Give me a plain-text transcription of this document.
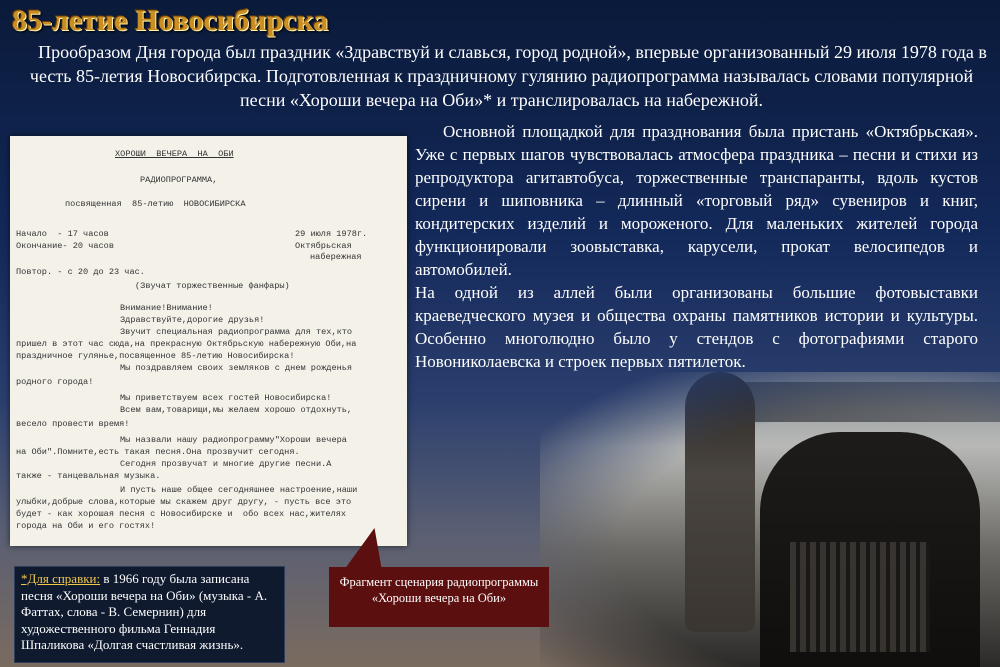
85-летие Новосибирска

Прообразом Дня города был праздник «Здравствуй и славься, город родной», впервые организованный 29 июля 1978 года в честь 85-летия Новосибирска. Подготовленная к праздничному гулянию радиопрограмма называлась словами популярной песни «Хороши вечера на Оби»* и транслировалась на набережной.

ХОРОШИ  ВЕЧЕРА  НА  ОБИ
РАДИОПРОГРАММА,
посвященная  85-летию  НОВОСИБИРСКА
Начало  - 17 часов	29 июля 1978г.
Окончание- 20 часов	Октябрьская
набережная
Повтор. - с 20 до 23 час.
(Звучат торжественные фанфары)
Внимание!Внимание!
Здравствуйте,дорогие друзья!
Звучит специальная радиопрограмма для тех,кто
пришел в этот час сюда,на прекрасную Октябрьскую набережную Оби,на
праздничное гулянье,посвященное 85-летию Новосибирска!
Мы поздравляем своих земляков с днем рожденья
родного города!
Мы приветствуем всех гостей Новосибирска!
Всем вам,товарищи,мы желаем хорошо отдохнуть,
весело провести время!
Мы назвали нашу радиопрограмму"Хороши вечера
на Оби".Помните,есть такая песня.Она прозвучит сегодня.
Сегодня прозвучат и многие другие песни.А
также - танцевальная музыка.
И пусть наше общее сегодняшнее настроение,наши
улыбки,добрые слова,которые мы скажем друг другу, - пусть все это
будет - как хорошая песня с Новосибирске и  обо всех нас,жителях
города на Оби и его гостях!

Основной площадкой для празднования была пристань «Октябрьская». Уже с первых шагов чувствовалась атмосфера праздника – песни и стихи из репродуктора агитавтобуса, торжественные транспаранты, вдоль кустов сирени и шиповника – длинный «торговый ряд» сувениров и книг, кондитерских изделий и мороженого. Для маленьких жителей города функционировали зоовыставка, карусели, прокат велосипедов и автомобилей.

На одной из аллей были организованы большие фотовыставки краеведческого музея и общества охраны памятников истории и культуры. Особенно многолюдно было у стендов с фотографиями старого Новониколаевска и строек первых пятилеток.

Фрагмент сценария радиопрограммы «Хороши вечера на Оби»
*Для справки: в 1966 году была записана песня «Хороши вечера на Оби» (музыка - А. Фаттах, слова - В. Семернин) для художественного фильма Геннадия Шпаликова «Долгая счастливая жизнь».
